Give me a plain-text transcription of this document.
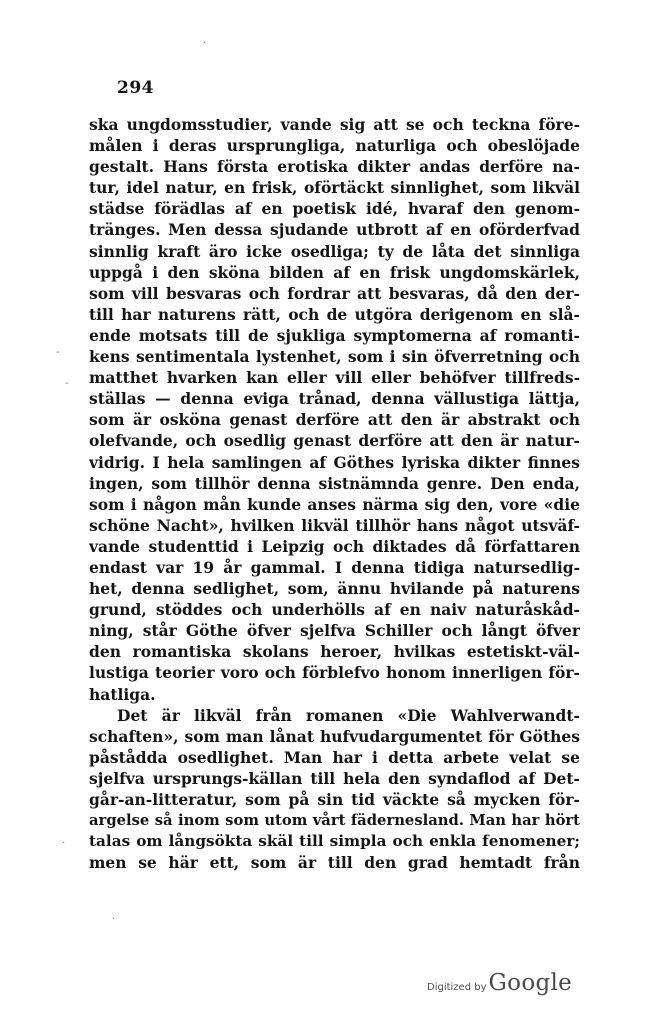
294
ska ungdomsstudier, vande sig att se och teckna före-
målen i deras ursprungliga, naturliga och obeslöjade
gestalt. Hans första erotiska dikter andas derföre na-
tur, idel natur, en frisk, oförtäckt sinnlighet, som likväl
städse förädlas af en poetisk idé, hvaraf den genom-
tränges. Men dessa sjudande utbrott af en oförderfvad
sinnlig kraft äro icke osedliga; ty de låta det sinnliga
uppgå i den sköna bilden af en frisk ungdomskärlek,
som vill besvaras och fordrar att besvaras, då den der-
till har naturens rätt, och de utgöra derigenom en slå-
ende motsats till de sjukliga symptomerna af romanti-
kens sentimentala lystenhet, som i sin öfverretning och
matthet hvarken kan eller vill eller behöfver tillfreds-
ställas — denna eviga trånad, denna vällustiga lättja,
som är osköna genast derföre att den är abstrakt och
olefvande, och osedlig genast derföre att den är natur-
vidrig. I hela samlingen af Göthes lyriska dikter finnes
ingen, som tillhör denna sistnämnda genre. Den enda,
som i någon mån kunde anses närma sig den, vore «die
schöne Nacht», hvilken likväl tillhör hans något utsväf-
vande studenttid i Leipzig och diktades då författaren
endast var 19 år gammal. I denna tidiga natursedlig-
het, denna sedlighet, som, ännu hvilande på naturens
grund, stöddes och underhölls af en naiv naturåskåd-
ning, står Göthe öfver sjelfva Schiller och långt öfver
den romantiska skolans heroer, hvilkas estetiskt-väl-
lustiga teorier voro och förblefvo honom innerligen för-
hatliga.
Det är likväl från romanen «Die Wahlverwandt-
schaften», som man lånat hufvudargumentet för Göthes
påstådda osedlighet. Man har i detta arbete velat se
sjelfva ursprungs-källan till hela den syndaflod af Det-
går-an-litteratur, som på sin tid väckte så mycken för-
argelse så inom som utom vårt fädernesland. Man har hört
talas om långsökta skäl till simpla och enkla fenomener;
men se här ett, som är till den grad hemtadt från
·
-
-
·
·
Digitized by Google
